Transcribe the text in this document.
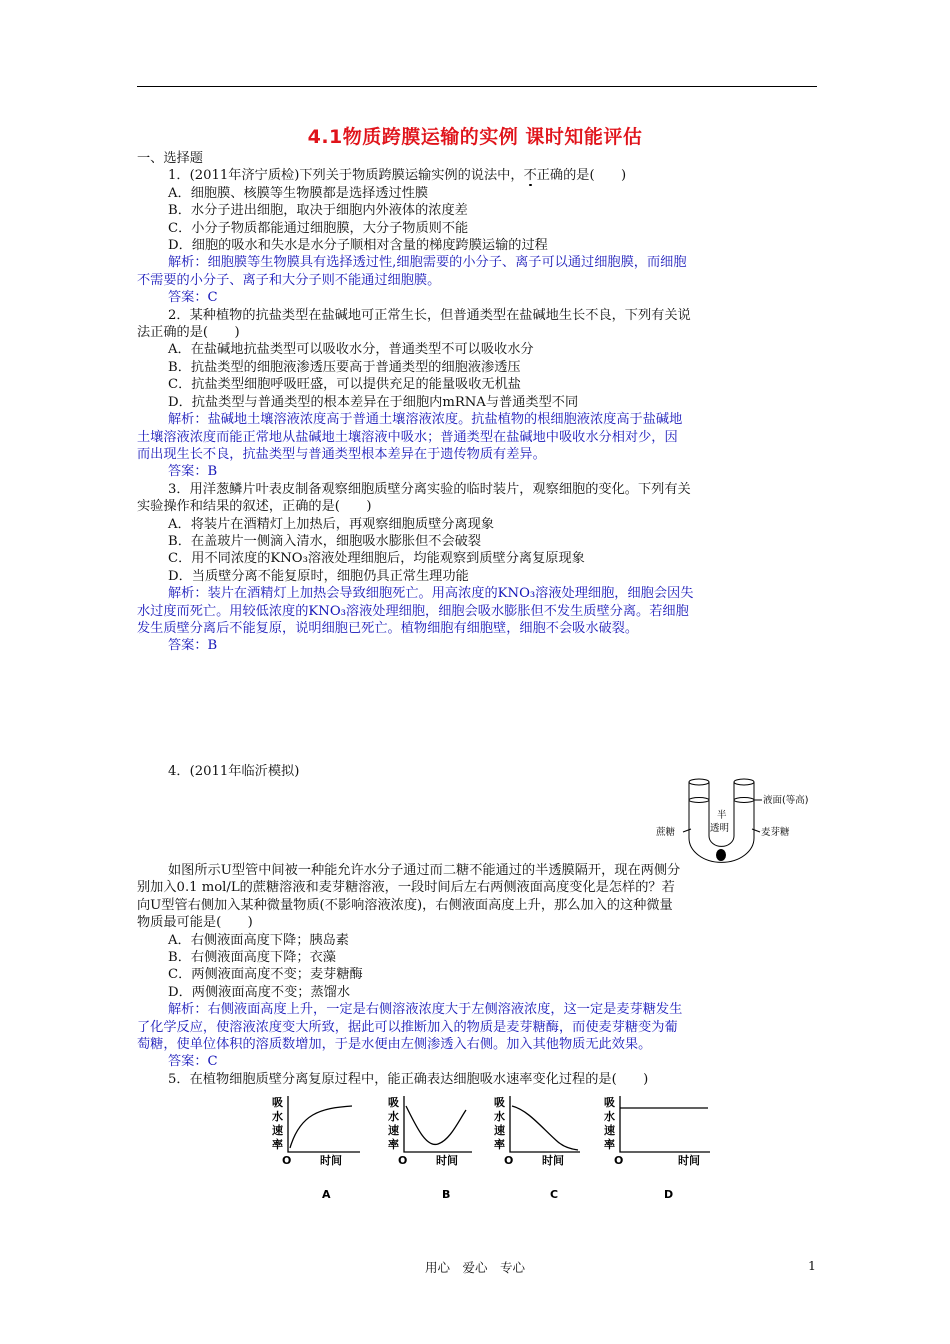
4.1物质跨膜运输的实例 课时知能评估
一、选择题
1．(2011年济宁质检)下列关于物质跨膜运输实例的说法中，不正确的是(　　)
A．细胞膜、核膜等生物膜都是选择透过性膜
B．水分子进出细胞，取决于细胞内外液体的浓度差
C．小分子物质都能通过细胞膜，大分子物质则不能
D．细胞的吸水和失水是水分子顺相对含量的梯度跨膜运输的过程
解析：细胞膜等生物膜具有选择透过性,细胞需要的小分子、离子可以通过细胞膜，而细胞
不需要的小分子、离子和大分子则不能通过细胞膜。
答案：C
2．某种植物的抗盐类型在盐碱地可正常生长，但普通类型在盐碱地生长不良，下列有关说
法正确的是(　　)
A．在盐碱地抗盐类型可以吸收水分，普通类型不可以吸收水分
B．抗盐类型的细胞液渗透压要高于普通类型的细胞液渗透压
C．抗盐类型细胞呼吸旺盛，可以提供充足的能量吸收无机盐
D．抗盐类型与普通类型的根本差异在于细胞内mRNA与普通类型不同
解析：盐碱地土壤溶液浓度高于普通土壤溶液浓度。抗盐植物的根细胞液浓度高于盐碱地
土壤溶液浓度而能正常地从盐碱地土壤溶液中吸水；普通类型在盐碱地中吸收水分相对少，因
而出现生长不良，抗盐类型与普通类型根本差异在于遗传物质有差异。
答案：B
3．用洋葱鳞片叶表皮制备观察细胞质壁分离实验的临时装片，观察细胞的变化。下列有关
实验操作和结果的叙述，正确的是(　　)
A．将装片在酒精灯上加热后，再观察细胞质壁分离现象
B．在盖玻片一侧滴入清水，细胞吸水膨胀但不会破裂
C．用不同浓度的KNO₃溶液处理细胞后，均能观察到质壁分离复原现象
D．当质壁分离不能复原时，细胞仍具正常生理功能
解析：装片在酒精灯上加热会导致细胞死亡。用高浓度的KNO₃溶液处理细胞，细胞会因失
水过度而死亡。用较低浓度的KNO₃溶液处理细胞，细胞会吸水膨胀但不发生质壁分离。若细胞
发生质壁分离后不能复原，说明细胞已死亡。植物细胞有细胞壁，细胞不会吸水破裂。
答案：B
4．(2011年临沂模拟)
液面(等高)
半
透明
蔗糖	麦芽糖
如图所示U型管中间被一种能允许水分子通过而二糖不能通过的半透膜隔开，现在两侧分
别加入0.1 mol/L的蔗糖溶液和麦芽糖溶液，一段时间后左右两侧液面高度变化是怎样的？若
向U型管右侧加入某种微量物质(不影响溶液浓度)，右侧液面高度上升，那么加入的这种微量
物质最可能是(　　)
A．右侧液面高度下降；胰岛素
B．右侧液面高度下降；衣藻
C．两侧液面高度不变；麦芽糖酶
D．两侧液面高度不变；蒸馏水
解析：右侧液面高度上升，一定是右侧溶液浓度大于左侧溶液浓度，这一定是麦芽糖发生
了化学反应，使溶液浓度变大所致，据此可以推断加入的物质是麦芽糖酶，而使麦芽糖变为葡
萄糖，使单位体积的溶质数增加，于是水便由左侧渗透入右侧。加入其他物质无此效果。
答案：C
5．在植物细胞质壁分离复原过程中，能正确表达细胞吸水速率变化过程的是(　　)
吸
水
速
率
O	时间
A
吸
水
速
率
O	时间
B
吸
水
速
率
O	时间
C
吸
水
速
率
O	时间
D
用心　爱心　专心	1
